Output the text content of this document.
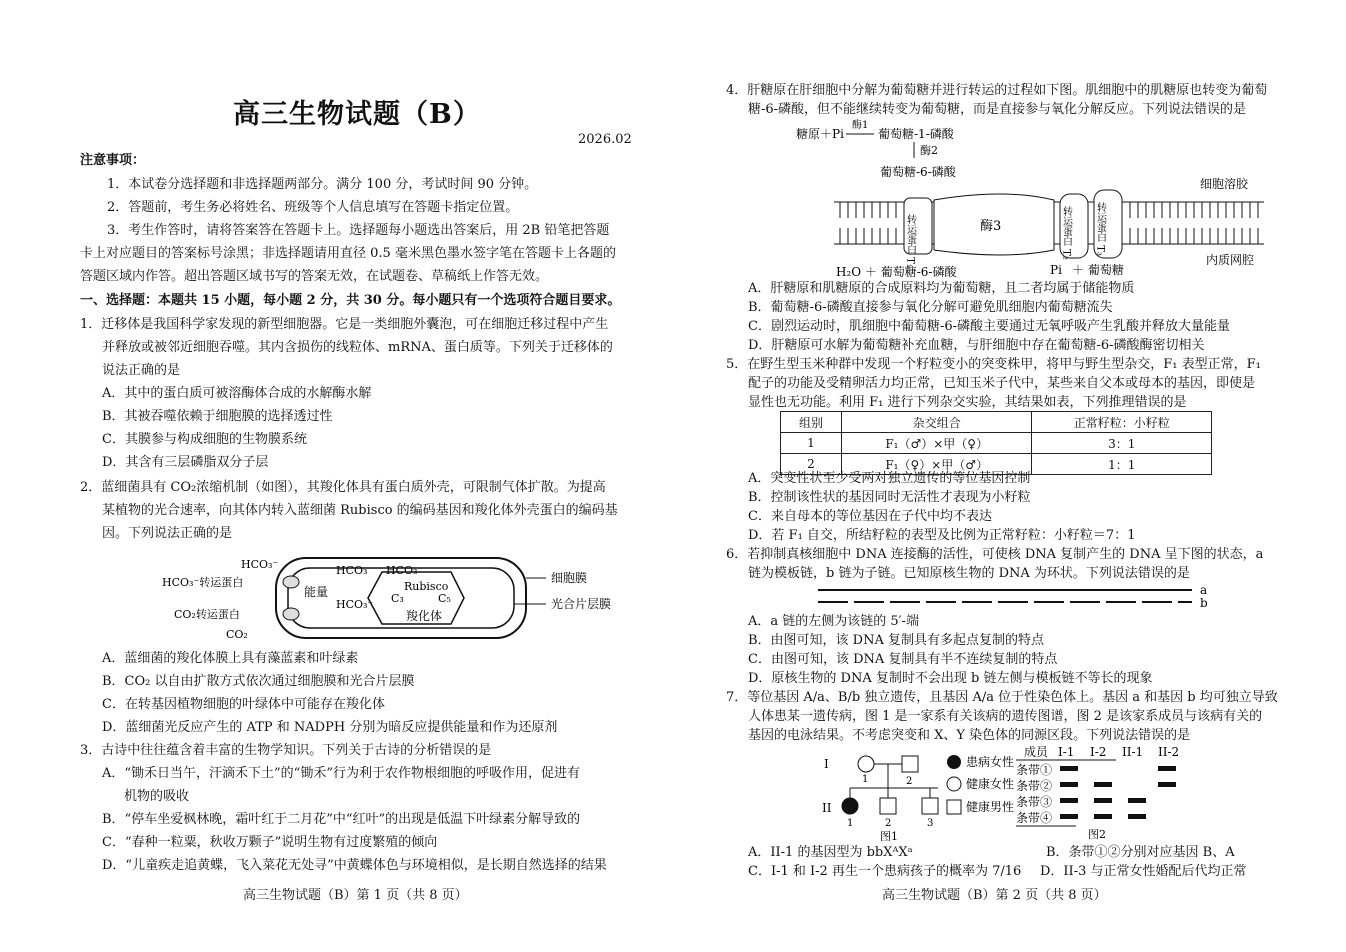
高三生物试题（B）
2026.02
注意事项：
1．本试卷分选择题和非选择题两部分。满分 100 分，考试时间 90 分钟。
2．答题前，考生务必将姓名、班级等个人信息填写在答题卡指定位置。
3．考生作答时，请将答案答在答题卡上。选择题每小题选出答案后，用 2B 铅笔把答题
卡上对应题目的答案标号涂黑；非选择题请用直径 0.5 毫米黑色墨水签字笔在答题卡上各题的
答题区域内作答。超出答题区域书写的答案无效，在试题卷、草稿纸上作答无效。
一、选择题：本题共 15 小题，每小题 2 分，共 30 分。每小题只有一个选项符合题目要求。
1．迁移体是我国科学家发现的新型细胞器。它是一类细胞外囊泡，可在细胞迁移过程中产生
并释放或被邻近细胞吞噬。其内含损伤的线粒体、mRNA、蛋白质等。下列关于迁移体的
说法正确的是
A．其中的蛋白质可被溶酶体合成的水解酶水解
B．其被吞噬依赖于细胞膜的选择透过性
C．其膜参与构成细胞的生物膜系统
D．其含有三层磷脂双分子层
2．蓝细菌具有 CO₂浓缩机制（如图），其羧化体具有蛋白质外壳，可限制气体扩散。为提高
某植物的光合速率，向其体内转入蓝细菌 Rubisco 的编码基因和羧化体外壳蛋白的编码基
因。下列说法正确的是
HCO₃⁻
HCO₃⁻转运蛋白
CO₂转运蛋白
CO₂
能量
HCO₃⁻
HCO₃⁻
HCO₃⁻
Rubisco
C₃	C₅
羧化体
细胞膜
光合片层膜
A．蓝细菌的羧化体膜上具有藻蓝素和叶绿素
B．CO₂ 以自由扩散方式依次通过细胞膜和光合片层膜
C．在转基因植物细胞的叶绿体中可能存在羧化体
D．蓝细菌光反应产生的 ATP 和 NADPH 分别为暗反应提供能量和作为还原剂
3．古诗中往往蕴含着丰富的生物学知识。下列关于古诗的分析错误的是
A．“锄禾日当午，汗滴禾下土”的“锄禾”行为利于农作物根细胞的呼吸作用，促进有
机物的吸收
B．“停车坐爱枫林晚，霜叶红于二月花”中“红叶”的出现是低温下叶绿素分解导致的
C．“春种一粒粟，秋收万颗子”说明生物有过度繁殖的倾向
D．“儿童疾走追黄蝶，飞入菜花无处寻”中黄蝶体色与环境相似，是长期自然选择的结果
高三生物试题（B）第 1 页（共 8 页）
4．肝糖原在肝细胞中分解为葡萄糖并进行转运的过程如下图。肌细胞中的肌糖原也转变为葡萄
糖-6-磷酸，但不能继续转变为葡萄糖，而是直接参与氧化分解反应。下列说法错误的是
糖原＋Pi
酶1
葡萄糖-1-磷酸
酶2
葡萄糖-6-磷酸
转运蛋白 T₁	酶3	转运蛋白 T₂ 转运蛋白 T₃
细胞溶胶
内质网腔
H₂O ＋ 葡萄糖-6-磷酸	Pi ＋ 葡萄糖
A．肝糖原和肌糖原的合成原料均为葡萄糖，且二者均属于储能物质
B．葡萄糖-6-磷酸直接参与氧化分解可避免肌细胞内葡萄糖流失
C．剧烈运动时，肌细胞中葡萄糖-6-磷酸主要通过无氧呼吸产生乳酸并释放大量能量
D．肝糖原可水解为葡萄糖补充血糖，与肝细胞中存在葡萄糖-6-磷酸酶密切相关
5．在野生型玉米种群中发现一个籽粒变小的突变株甲，将甲与野生型杂交，F₁ 表型正常，F₁
配子的功能及受精卵活力均正常，已知玉米子代中，某些来自父本或母本的基因，即使是
显性也无功能。利用 F₁ 进行下列杂交实验，其结果如表，下列推理错误的是
组别	杂交组合	正常籽粒：小籽粒
1	F₁（♂）×甲（♀）	3：1
2	F₁（♀）×甲（♂）	1：1
A．突变性状至少受两对独立遗传的等位基因控制
B．控制该性状的基因同时无活性才表现为小籽粒
C．来自母本的等位基因在子代中均不表达
D．若 F₁ 自交，所结籽粒的表型及比例为正常籽粒：小籽粒＝7：1
6．若抑制真核细胞中 DNA 连接酶的活性，可使核 DNA 复制产生的 DNA 呈下图的状态，a
链为模板链，b 链为子链。已知原核生物的 DNA 为环状。下列说法错误的是
a
b
A．a 链的左侧为该链的 5′-端
B．由图可知，该 DNA 复制具有多起点复制的特点
C．由图可知，该 DNA 复制具有半不连续复制的特点
D．原核生物的 DNA 复制时不会出现 b 链左侧与模板链不等长的现象
7．等位基因 A/a、B/b 独立遗传，且基因 A/a 位于性染色体上。基因 a 和基因 b 均可独立导致
人体患某一遗传病，图 1 是一家系有关该病的遗传图谱，图 2 是该家系成员与该病有关的
基因的电泳结果。不考虑突变和 X、Y 染色体的同源区段。下列说法错误的是
I
II
1	2
1	2	3
图1
患病女性
健康女性
健康男性
成员 I-1 I-2 II-1 II-2
条带①
条带②
条带③
条带④
图2
A．II-1 的基因型为 bbXᴬXᵃ	B．条带①②分别对应基因 B、A
C．I-1 和 I-2 再生一个患病孩子的概率为 7/16 D．II-3 与正常女性婚配后代均正常
高三生物试题（B）第 2 页（共 8 页）
